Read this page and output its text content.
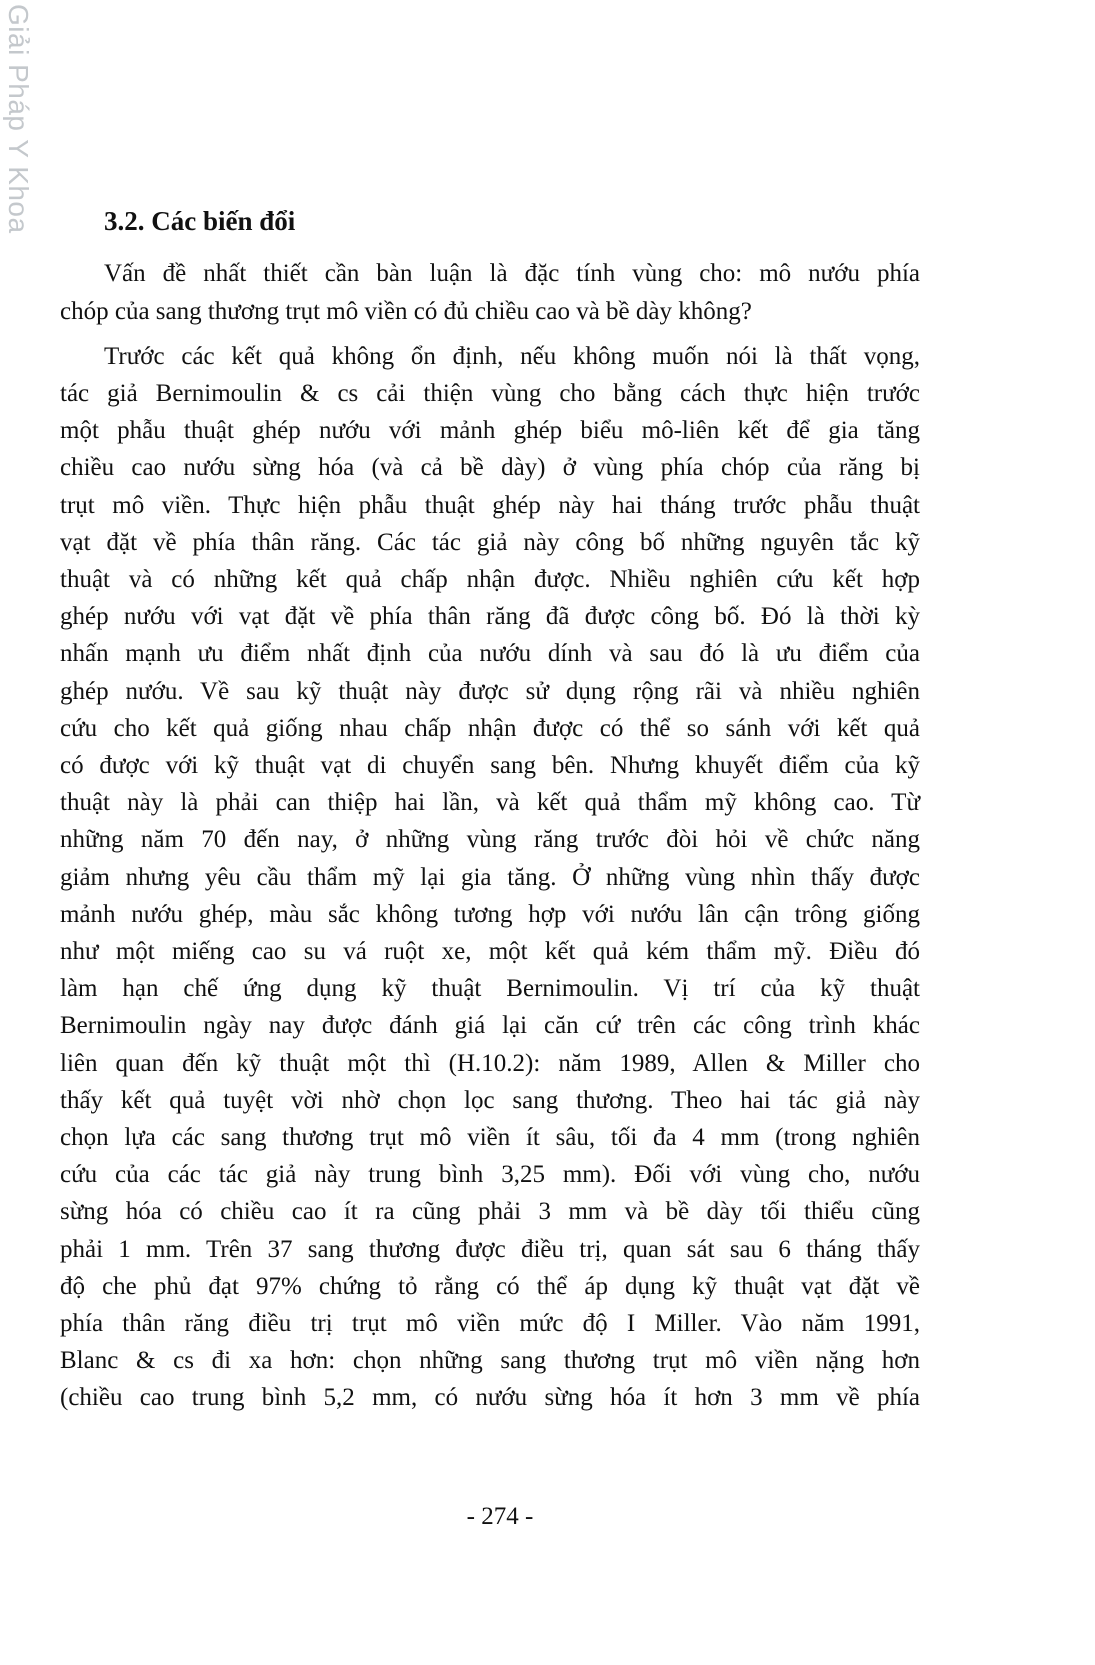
Giải Pháp Y Khoa	3.2. Các biến đổi
Vấn đề nhất thiết cần bàn luận là đặc tính vùng cho: mô nướu phía
chóp của sang thương trụt mô viền có đủ chiều cao và bề dày không?
Trước các kết quả không ổn định, nếu không muốn nói là thất vọng,
tác giả Bernimoulin & cs cải thiện vùng cho bằng cách thực hiện trước
một phẫu thuật ghép nướu với mảnh ghép biểu mô-liên kết để gia tăng
chiều cao nướu sừng hóa (và cả bề dày) ở vùng phía chóp của răng bị
trụt mô viền. Thực hiện phẫu thuật ghép này hai tháng trước phẫu thuật
vạt đặt về phía thân răng. Các tác giả này công bố những nguyên tắc kỹ
thuật và có những kết quả chấp nhận được. Nhiều nghiên cứu kết hợp
ghép nướu với vạt đặt về phía thân răng đã được công bố. Đó là thời kỳ
nhấn mạnh ưu điểm nhất định của nướu dính và sau đó là ưu điểm của
ghép nướu. Về sau kỹ thuật này được sử dụng rộng rãi và nhiều nghiên
cứu cho kết quả giống nhau chấp nhận được có thể so sánh với kết quả
có được với kỹ thuật vạt di chuyển sang bên. Nhưng khuyết điểm của kỹ
thuật này là phải can thiệp hai lần, và kết quả thẩm mỹ không cao. Từ
những năm 70 đến nay, ở những vùng răng trước đòi hỏi về chức năng
giảm nhưng yêu cầu thẩm mỹ lại gia tăng. Ở những vùng nhìn thấy được
mảnh nướu ghép, màu sắc không tương hợp với nướu lân cận trông giống
như một miếng cao su vá ruột xe, một kết quả kém thẩm mỹ. Điều đó
làm hạn chế ứng dụng kỹ thuật Bernimoulin. Vị trí của kỹ thuật
Bernimoulin ngày nay được đánh giá lại căn cứ trên các công trình khác
liên quan đến kỹ thuật một thì (H.10.2): năm 1989, Allen & Miller cho
thấy kết quả tuyệt vời nhờ chọn lọc sang thương. Theo hai tác giả này
chọn lựa các sang thương trụt mô viền ít sâu, tối đa 4 mm (trong nghiên
cứu của các tác giả này trung bình 3,25 mm). Đối với vùng cho, nướu
sừng hóa có chiều cao ít ra cũng phải 3 mm và bề dày tối thiểu cũng
phải 1 mm. Trên 37 sang thương được điều trị, quan sát sau 6 tháng thấy
độ che phủ đạt 97% chứng tỏ rằng có thể áp dụng kỹ thuật vạt đặt về
phía thân răng điều trị trụt mô viền mức độ I Miller. Vào năm 1991,
Blanc & cs đi xa hơn: chọn những sang thương trụt mô viền nặng hơn
(chiều cao trung bình 5,2 mm, có nướu sừng hóa ít hơn 3 mm về phía
- 274 -
